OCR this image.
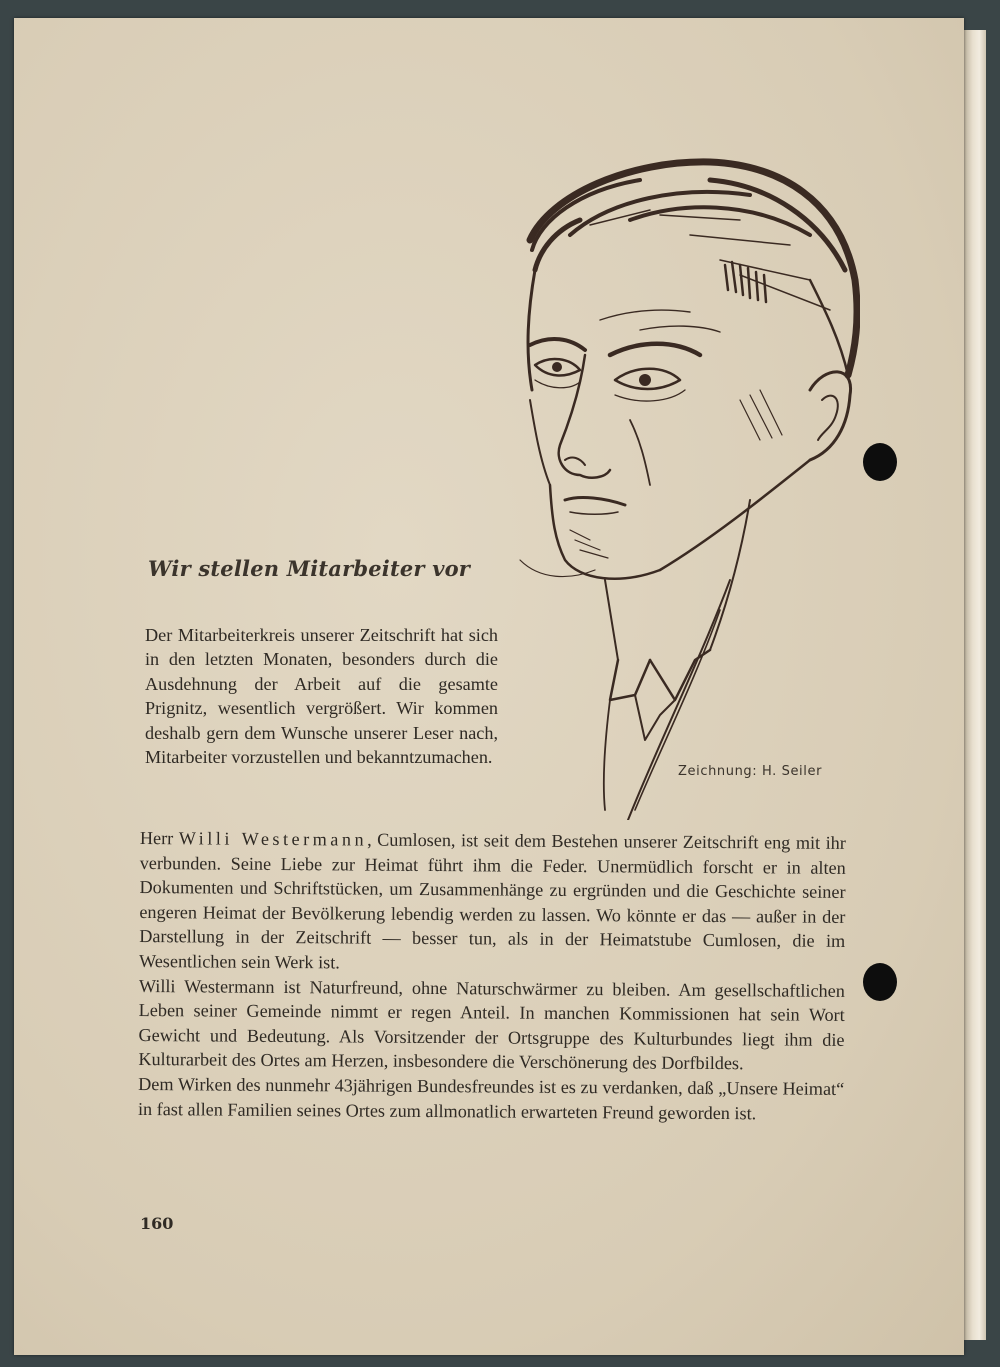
Wir stellen Mitarbeiter vor

Der Mitarbeiterkreis unserer Zeitschrift hat sich in den letzten Monaten, besonders durch die Ausdehnung der Arbeit auf die gesamte Prignitz, wesentlich vergrößert. Wir kommen deshalb gern dem Wunsche unserer Leser nach, Mitarbeiter vorzustellen und bekanntzumachen.

Zeichnung: H. Seiler

Herr Willi Westermann, Cumlosen, ist seit dem Bestehen unserer Zeitschrift eng mit ihr verbunden. Seine Liebe zur Heimat führt ihm die Feder. Unermüdlich forscht er in alten Dokumenten und Schriftstücken, um Zusammenhänge zu ergründen und die Geschichte seiner engeren Heimat der Bevölkerung lebendig werden zu lassen. Wo könnte er das — außer in der Darstellung in der Zeitschrift — besser tun, als in der Heimatstube Cumlosen, die im Wesentlichen sein Werk ist.

Willi Westermann ist Naturfreund, ohne Naturschwärmer zu bleiben. Am gesellschaftlichen Leben seiner Gemeinde nimmt er regen Anteil. In manchen Kommissionen hat sein Wort Gewicht und Bedeutung. Als Vorsitzender der Ortsgruppe des Kulturbundes liegt ihm die Kulturarbeit des Ortes am Herzen, insbesondere die Verschönerung des Dorfbildes.

Dem Wirken des nunmehr 43jährigen Bundesfreundes ist es zu verdanken, daß „Unsere Heimat“ in fast allen Familien seines Ortes zum allmonatlich erwarteten Freund geworden ist.

160
